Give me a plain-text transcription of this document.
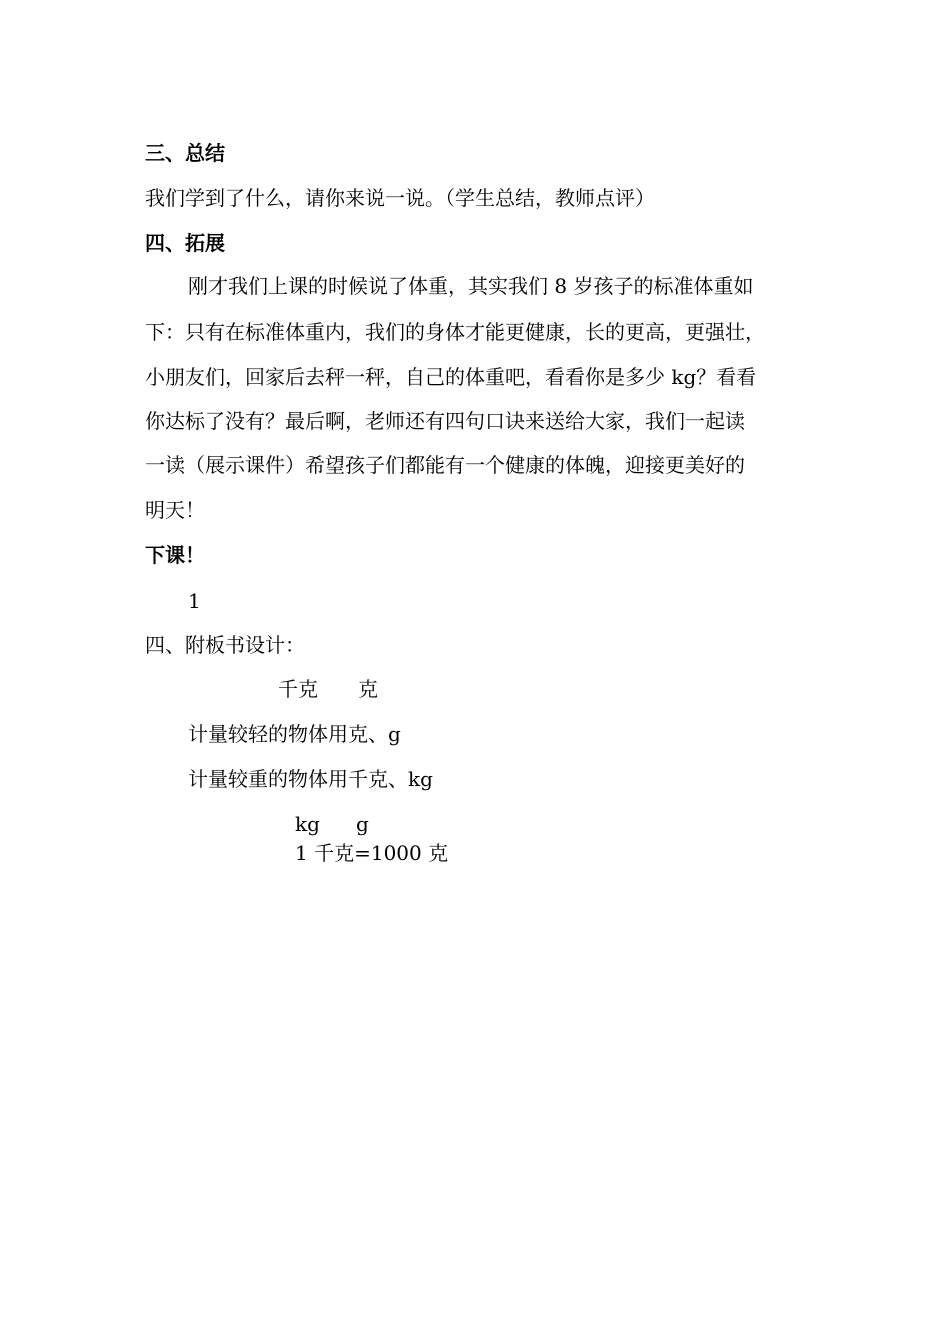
三、总结
我们学到了什么，请你来说一说。（学生总结，教师点评）
四、拓展
刚才我们上课的时候说了体重，其实我们 8 岁孩子的标准体重如
下：只有在标准体重内，我们的身体才能更健康，长的更高，更强壮，
小朋友们，回家后去秤一秤，自己的体重吧，看看你是多少 kg？看看
你达标了没有？最后啊，老师还有四句口诀来送给大家，我们一起读
一读（展示课件）希望孩子们都能有一个健康的体魄，迎接更美好的
明天！
下课！
1
四、附板书设计：
千克 克
计量较轻的物体用克、g
计量较重的物体用千克、kg
kg g
1 千克=1000 克
